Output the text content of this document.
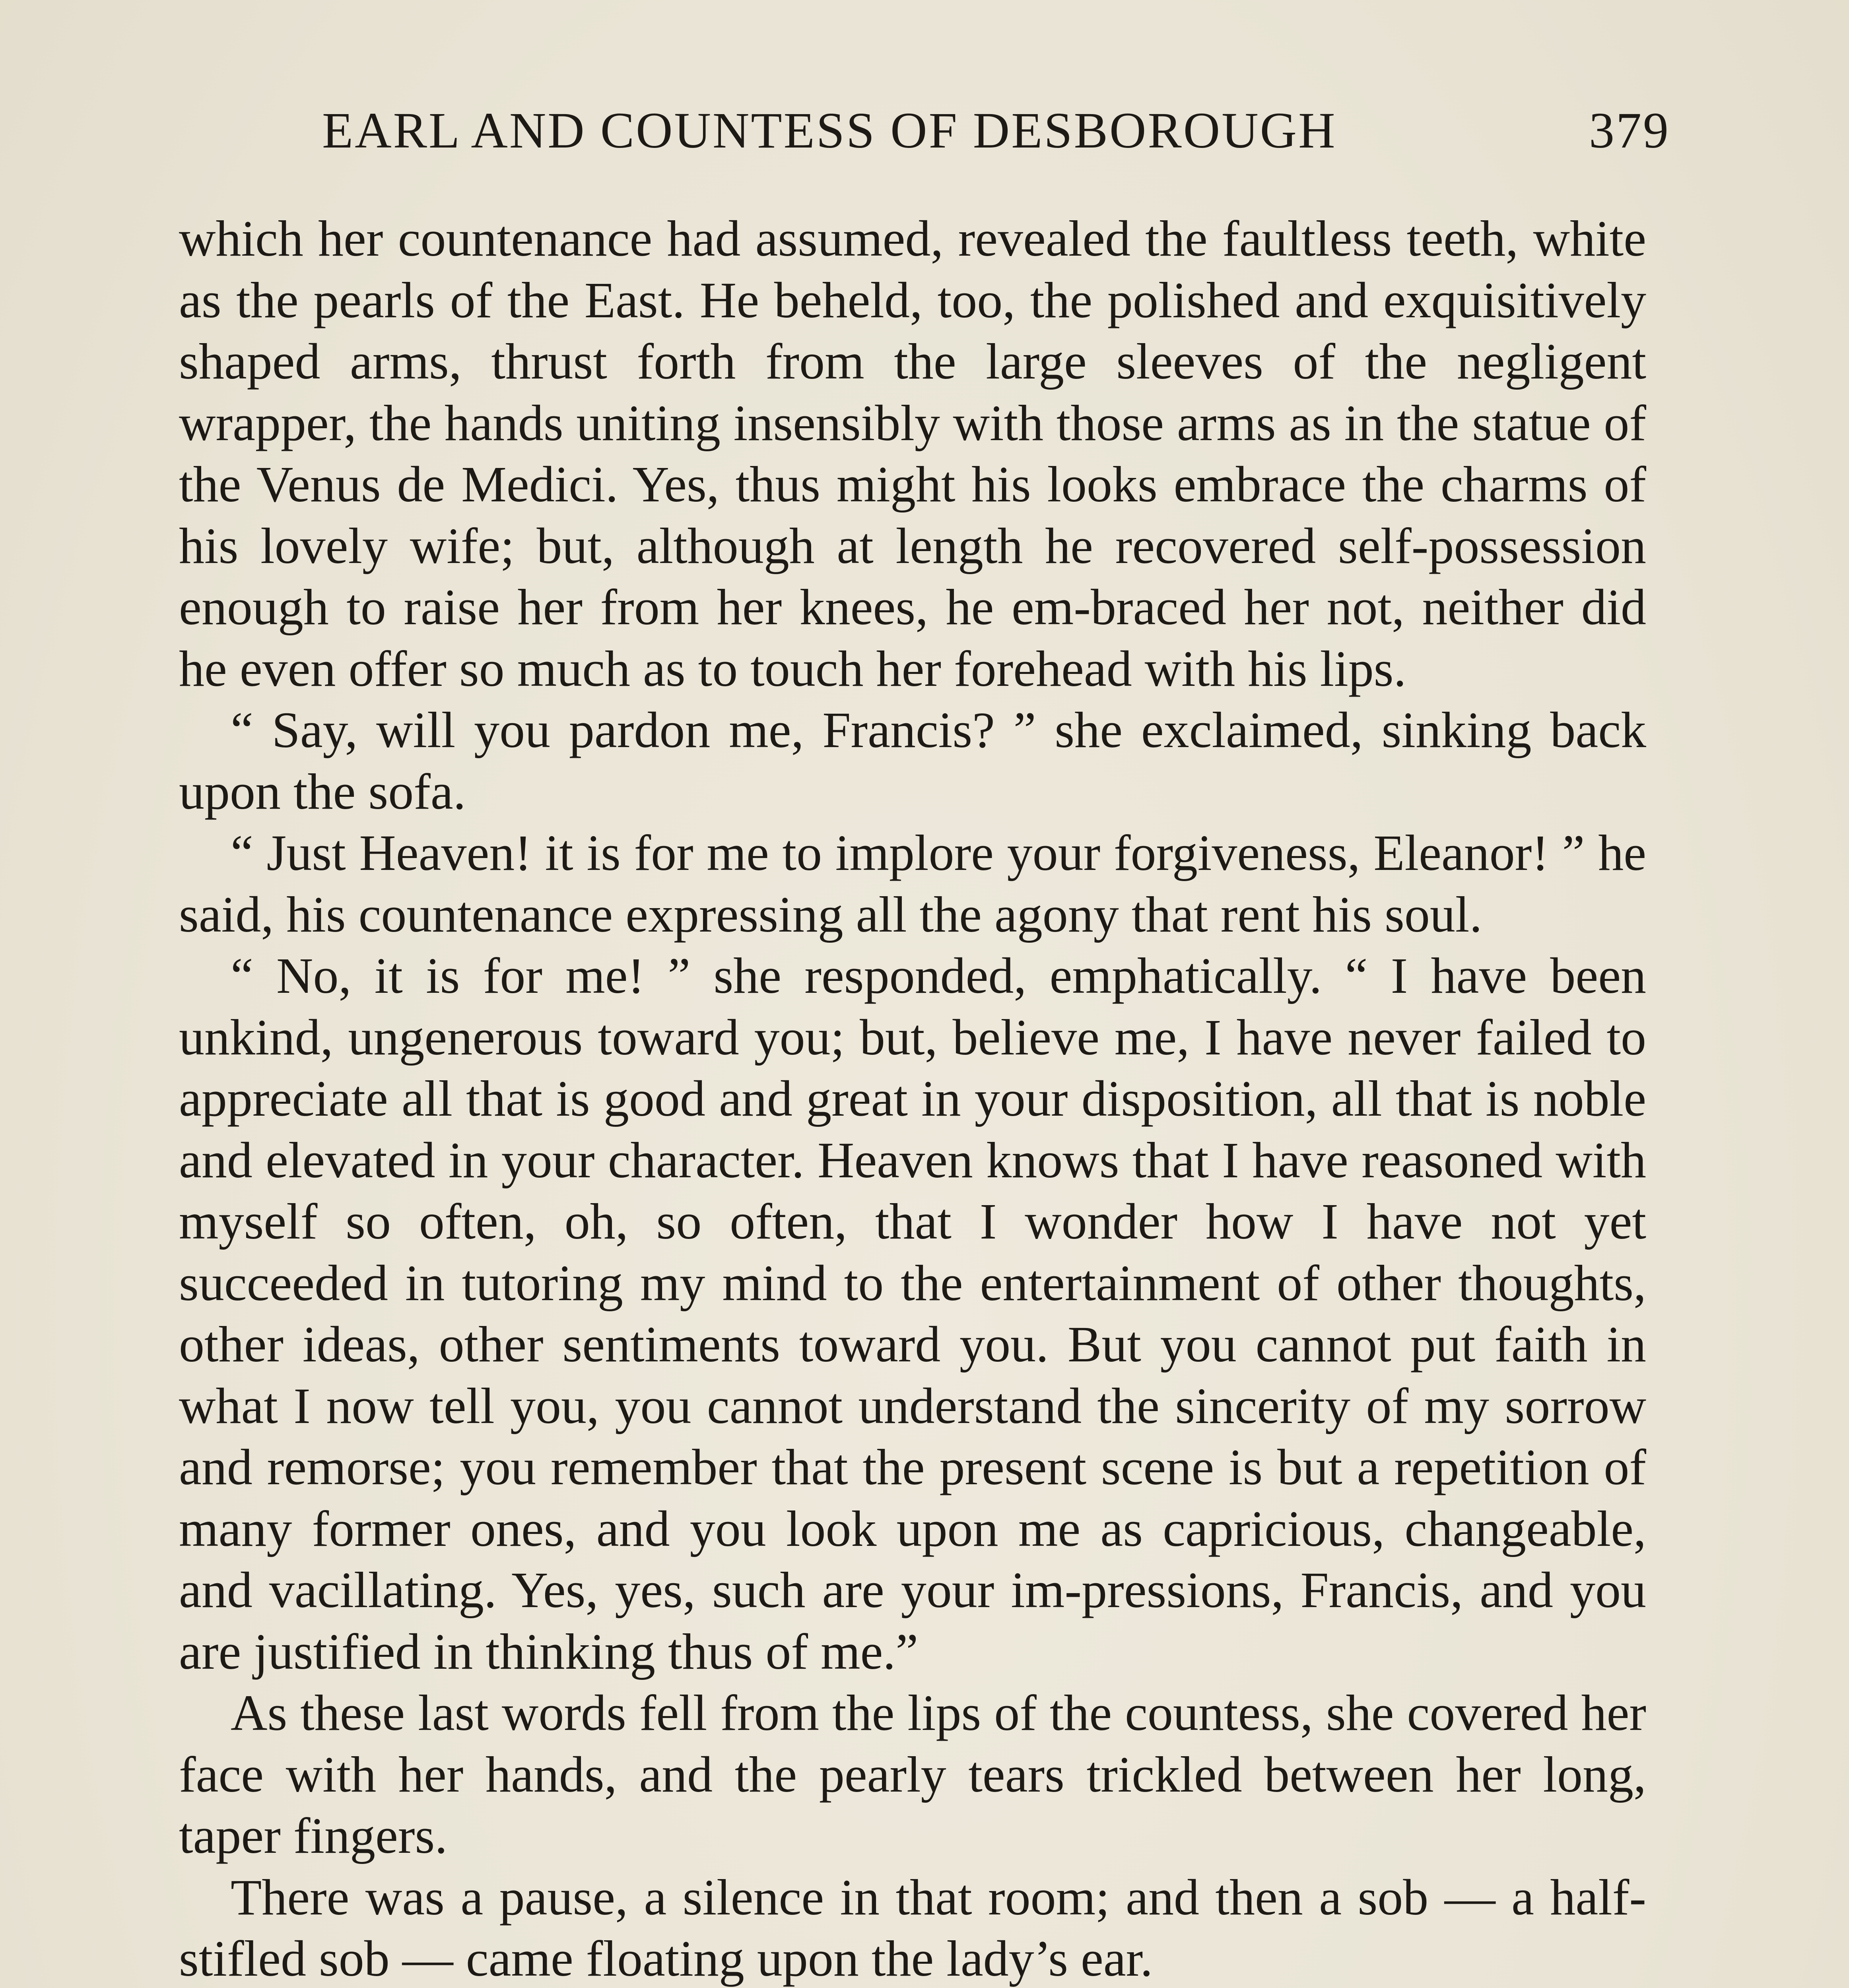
EARL AND COUNTESS OF DESBOROUGH	379

which her countenance had assumed, revealed the faultless teeth, white as the pearls of the East. He beheld, too, the polished and exquisitively shaped arms, thrust forth from the large sleeves of the negligent wrapper, the hands uniting insensibly with those arms as in the statue of the Venus de Medici. Yes, thus might his looks embrace the charms of his lovely wife; but, although at length he recovered self-possession enough to raise her from her knees, he em-braced her not, neither did he even offer so much as to touch her forehead with his lips.

“ Say, will you pardon me, Francis? ” she exclaimed, sinking back upon the sofa.

“ Just Heaven! it is for me to implore your forgiveness, Eleanor! ” he said, his countenance expressing all the agony that rent his soul.

“ No, it is for me! ” she responded, emphatically. “ I have been unkind, ungenerous toward you; but, believe me, I have never failed to appreciate all that is good and great in your disposition, all that is noble and elevated in your character. Heaven knows that I have reasoned with myself so often, oh, so often, that I wonder how I have not yet succeeded in tutoring my mind to the entertainment of other thoughts, other ideas, other sentiments toward you. But you cannot put faith in what I now tell you, you cannot understand the sincerity of my sorrow and remorse; you remember that the present scene is but a repetition of many former ones, and you look upon me as capricious, changeable, and vacillating. Yes, yes, such are your im-pressions, Francis, and you are justified in thinking thus of me.”

As these last words fell from the lips of the countess, she covered her face with her hands, and the pearly tears trickled between her long, taper fingers.

There was a pause, a silence in that room; and then a sob — a half-stifled sob — came floating upon the lady’s ear.
